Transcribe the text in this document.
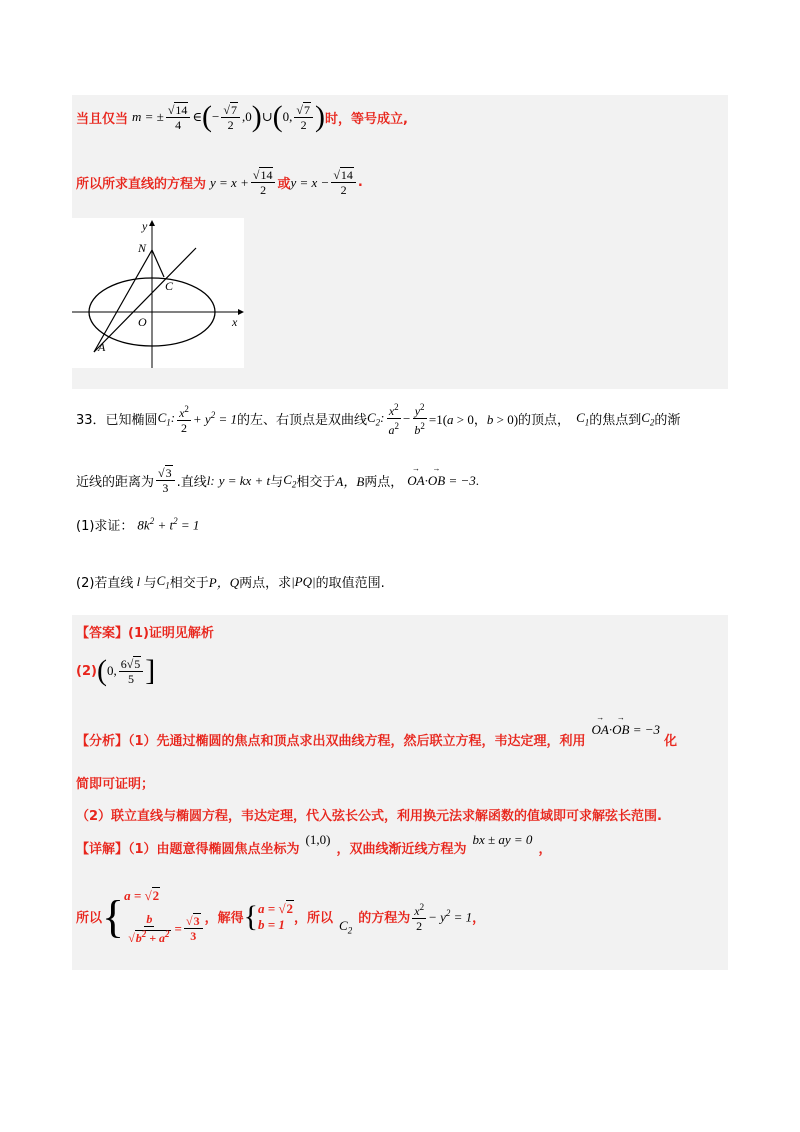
当且仅当 m = ± $\frac{√14}{4}$ ∈ ( − $\frac{√7}{2} ,0$ ) ∪ ( 0, $\frac{√7}{2}$ ) 时，等号成立,
所以所求直线的方程为 $y = x + \frac{√14}{2}$ 或 $y = x - \frac{√14}{2}$ .
y
x
N
C
O
A
33． 已知椭圆 $C_1$: $\frac{x^2}{2} + y^2 = 1$ 的左、右顶点是双曲线 $C_2$: $\frac{x^2}{a^2} - \frac{y^2}{b^2} =1(a > 0$，b > 0) 的顶点， $C_1$ 的焦点到 $C_2$ 的渐
近线的距离为 $\frac{√3}{3}$ .直线 l: y = kx + t 与 $C_2$ 相交于 A，B 两点，
→ OA·→ OB = −3 .
(1)求证： $8k^2 + t^2 = 1$
(2)若直线 l 与 $C_1$ 相交于 P，Q 两点，求 |PQ| 的取值范围.
【答案】(1)证明见解析
(2) ( 0, $\frac{6√5}{5}$ ]
【分析】（1）先通过椭圆的焦点和顶点求出双曲线方程，然后联立方程，韦达定理，利用
→ OA·→ OB = −3
化
简即可证明；
（2）联立直线与椭圆方程，韦达定理，代入弦长公式，利用换元法求解函数的值域即可求解弦长范围.
【详解】（1）由题意得椭圆焦点坐标为
(1,0)
，双曲线渐近线方程为
bx ± ay = 0
，
所以 { a = √2
$\frac{b}{√b^2 + a^2} = \frac{√3}{3}$ ，解得 { a = √2
b = 1 ，所以 $C_2$
的方程为 $\frac{x^2}{2} - y^2 = 1$ ，
